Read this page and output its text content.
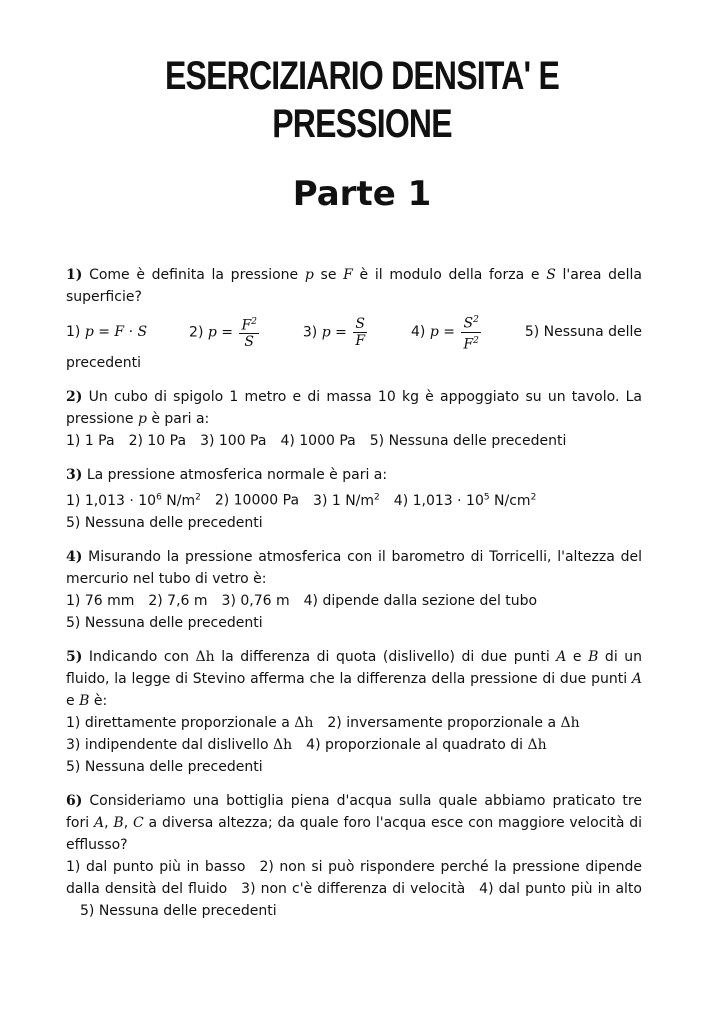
ESERCIZIARIO DENSITA' E PRESSIONE
Parte 1

1) Come è definita la pressione p se F è il modulo della forza e S l'area della superficie?

1) p = F · S	2) $p = \frac{F^2}{S}$	3) $p = \frac{S}{F}$	4) $p = \frac{S^2}{F^2}$	5) Nessuna delle

precedenti

2) Un cubo di spigolo 1 metro e di massa 10 kg è appoggiato su un tavolo. La pressione p è pari a:

1) 1 Pa 2) 10 Pa 3) 100 Pa 4) 1000 Pa 5) Nessuna delle precedenti

3) La pressione atmosferica normale è pari a:

1) $1,013 \cdot 10^6$ $N/m^2$ 2) 10000 Pa 3) 1 $N/m^2$ 4) $1,013 \cdot 10^5$ $N/cm^2$

5) Nessuna delle precedenti

4) Misurando la pressione atmosferica con il barometro di Torricelli, l'altezza del mercurio nel tubo di vetro è:

1) 76 mm 2) 7,6 m 3) 0,76 m 4) dipende dalla sezione del tubo

5) Nessuna delle precedenti

5) Indicando con Δh la differenza di quota (dislivello) di due punti A e B di un fluido, la legge di Stevino afferma che la differenza della pressione di due punti A e B è:

1) direttamente proporzionale a Δh 2) inversamente proporzionale a Δh

3) indipendente dal dislivello Δh 4) proporzionale al quadrato di Δh

5) Nessuna delle precedenti

6) Consideriamo una bottiglia piena d'acqua sulla quale abbiamo praticato tre fori A, B, C a diversa altezza; da quale foro l'acqua esce con maggiore velocità di efflusso?

1) dal punto più in basso 2) non si può rispondere perché la pressione dipende dalla densità del fluido 3) non c'è differenza di velocità 4) dal punto più in alto5) Nessuna delle precedenti
